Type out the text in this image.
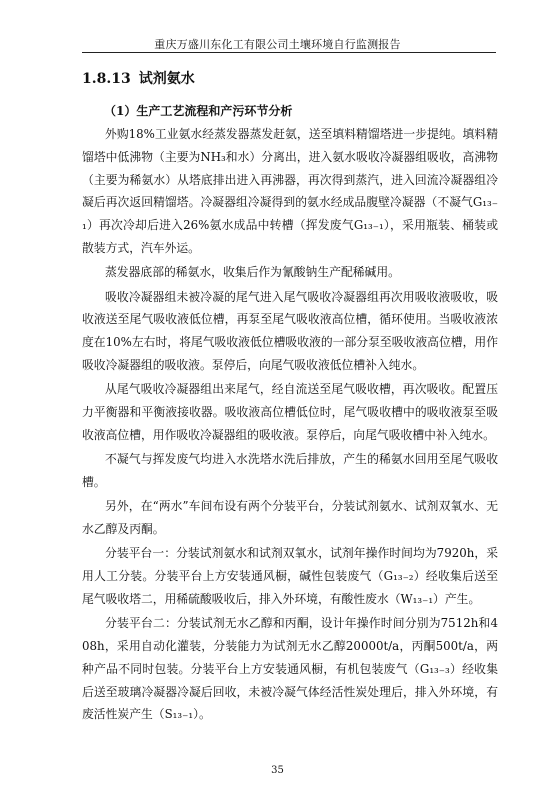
重庆万盛川东化工有限公司土壤环境自行监测报告
1.8.13 试剂氨水
（1）生产工艺流程和产污环节分析

外购18%工业氨水经蒸发器蒸发赶氨，送至填料精馏塔进一步提纯。填料精馏塔中低沸物（主要为NH₃和水）分离出，进入氨水吸收冷凝器组吸收，高沸物（主要为稀氨水）从塔底排出进入再沸器，再次得到蒸汽，进入回流冷凝器组冷凝后再次返回精馏塔。冷凝器组冷凝得到的氨水经成品腹壁冷凝器（不凝气G₁₃₋₁）再次冷却后进入26%氨水成品中转槽（挥发废气G₁₃₋₁），采用瓶装、桶装或散装方式，汽车外运。

蒸发器底部的稀氨水，收集后作为氰酸钠生产配稀碱用。

吸收冷凝器组未被冷凝的尾气进入尾气吸收冷凝器组再次用吸收液吸收，吸收液送至尾气吸收液低位槽，再泵至尾气吸收液高位槽，循环使用。当吸收液浓度在10%左右时，将尾气吸收液低位槽吸收液的一部分泵至吸收液高位槽，用作吸收冷凝器组的吸收液。泵停后，向尾气吸收液低位槽补入纯水。

从尾气吸收冷凝器组出来尾气，经自流送至尾气吸收槽，再次吸收。配置压力平衡器和平衡液接收器。吸收液高位槽低位时，尾气吸收槽中的吸收液泵至吸收液高位槽，用作吸收冷凝器组的吸收液。泵停后，向尾气吸收槽中补入纯水。

不凝气与挥发废气均进入水洗塔水洗后排放，产生的稀氨水回用至尾气吸收槽。

另外，在“两水”车间布设有两个分装平台，分装试剂氨水、试剂双氧水、无水乙醇及丙酮。

分装平台一：分装试剂氨水和试剂双氧水，试剂年操作时间均为7920h，采用人工分装。分装平台上方安装通风橱，碱性包装废气（G₁₃₋₂）经收集后送至尾气吸收塔二，用稀硫酸吸收后，排入外环境，有酸性废水（W₁₃₋₁）产生。

分装平台二：分装试剂无水乙醇和丙酮，设计年操作时间分别为7512h和408h，采用自动化灌装，分装能力为试剂无水乙醇20000t/a，丙酮500t/a，两种产品不同时包装。分装平台上方安装通风橱，有机包装废气（G₁₃₋₃）经收集后送至玻璃冷凝器冷凝后回收，未被冷凝气体经活性炭处理后，排入外环境，有废活性炭产生（S₁₃₋₁）。

35
